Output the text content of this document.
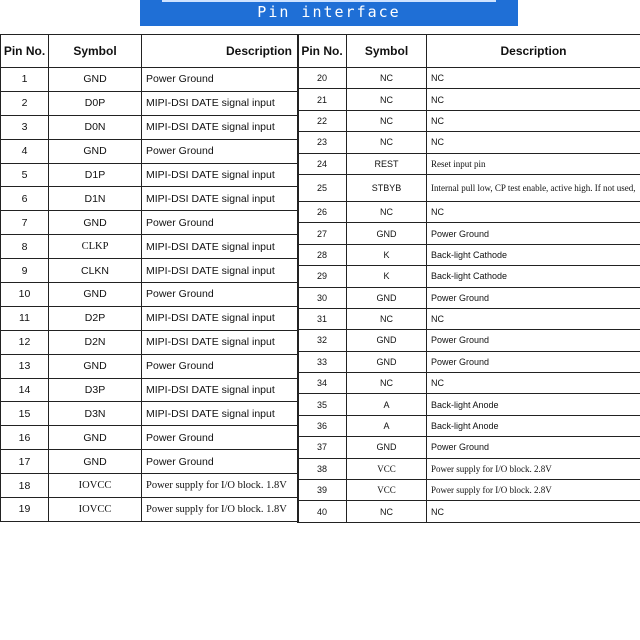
Pin interface
Pin No.	Symbol	Description
1	GND	Power Ground
2	D0P	MIPI-DSI DATE signal input
3	D0N	MIPI-DSI DATE signal input
4	GND	Power Ground
5	D1P	MIPI-DSI DATE signal input
6	D1N	MIPI-DSI DATE signal input
7	GND	Power Ground
8	CLKP	MIPI-DSI DATE signal input
9	CLKN	MIPI-DSI DATE signal input
10	GND	Power Ground
11	D2P	MIPI-DSI DATE signal input
12	D2N	MIPI-DSI DATE signal input
13	GND	Power Ground
14	D3P	MIPI-DSI DATE signal input
15	D3N	MIPI-DSI DATE signal input
16	GND	Power Ground
17	GND	Power Ground
18	IOVCC	Power supply for I/O block. 1.8V
19	IOVCC	Power supply for I/O block. 1.8V
Pin No.	Symbol	Description
20	NC	NC
21	NC	NC
22	NC	NC
23	NC	NC
24	REST	Reset input pin
25	STBYB	Internal pull low, CP test enable, active high. If not used,
26	NC	NC
27	GND	Power Ground
28	K	Back-light Cathode
29	K	Back-light Cathode
30	GND	Power Ground
31	NC	NC
32	GND	Power Ground
33	GND	Power Ground
34	NC	NC
35	A	Back-light Anode
36	A	Back-light Anode
37	GND	Power Ground
38	VCC	Power supply for I/O block. 2.8V
39	VCC	Power supply for I/O block. 2.8V
40	NC	NC
